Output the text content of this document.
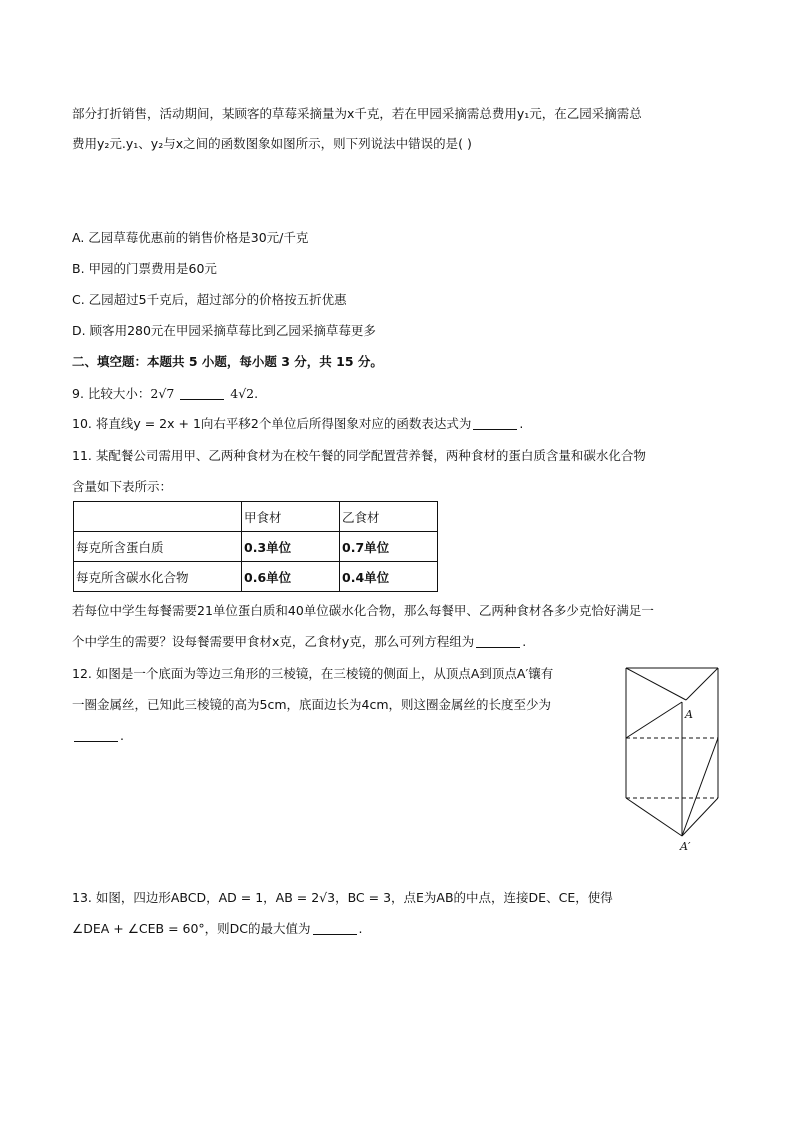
部分打折销售，活动期间，某顾客的草莓采摘量为x千克，若在甲园采摘需总费用y₁元，在乙园采摘需总
费用y₂元.y₁、y₂与x之间的函数图象如图所示，则下列说法中错误的是( )
A. 乙园草莓优惠前的销售价格是30元/千克
B. 甲园的门票费用是60元
C. 乙园超过5千克后，超过部分的价格按五折优惠
D. 顾客用280元在甲园采摘草莓比到乙园采摘草莓更多
二、填空题：本题共 5 小题，每小题 3 分，共 15 分。
9. 比较大小：2√7	4√2.
10. 将直线y = 2x + 1向右平移2个单位后所得图象对应的函数表达式为	.
11. 某配餐公司需用甲、乙两种食材为在校午餐的同学配置营养餐，两种食材的蛋白质含量和碳水化合物
含量如下表所示：
	甲食材	乙食材
每克所含蛋白质	0.3单位	0.7单位
每克所含碳水化合物	0.6单位	0.4单位
若每位中学生每餐需要21单位蛋白质和40单位碳水化合物，那么每餐甲、乙两种食材各多少克恰好满足一
个中学生的需要？设每餐需要甲食材x克，乙食材y克，那么可列方程组为	.
12. 如图是一个底面为等边三角形的三棱镜，在三棱镜的侧面上，从顶点A到顶点A′镶有
一圈金属丝，已知此三棱镜的高为5cm，底面边长为4cm，则这圈金属丝的长度至少为
.
A
A′
13. 如图，四边形ABCD，AD = 1，AB = 2√3，BC = 3，点E为AB的中点，连接DE、CE，使得
∠DEA + ∠CEB = 60°，则DC的最大值为	.
